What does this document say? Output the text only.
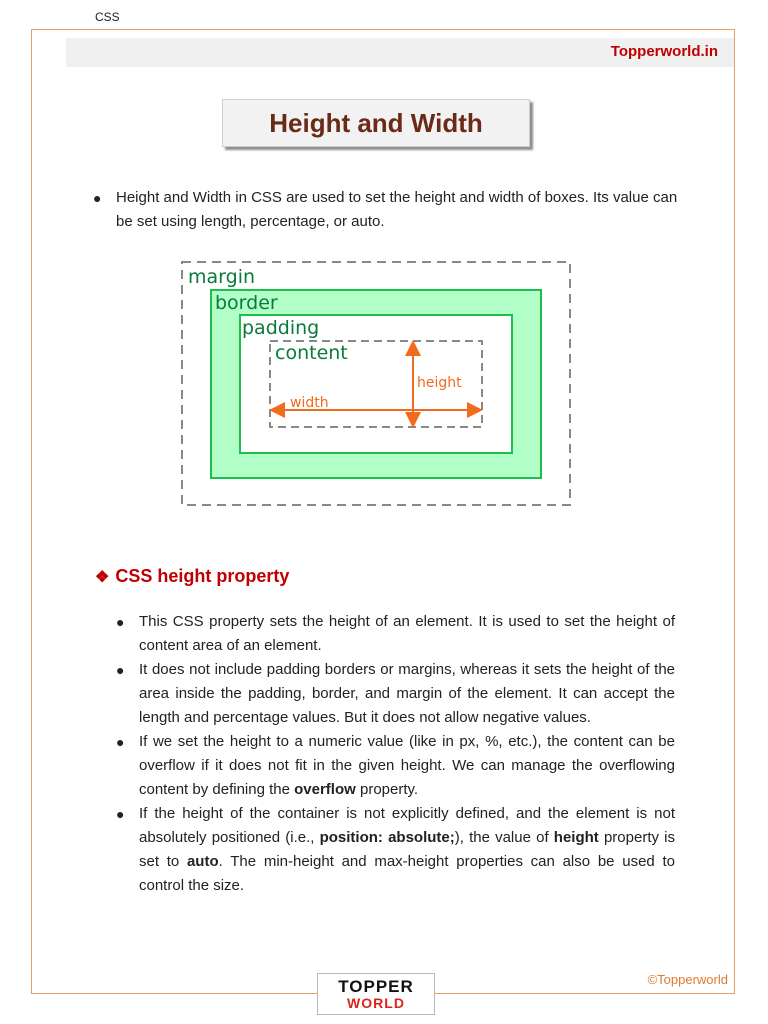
CSS
Topperworld.in
Height and Width
● Height and Width in CSS are used to set the height and width of boxes. Its value can be set using length, percentage, or auto.
margin
border
padding
content
height
width
❖ CSS height property
● This CSS property sets the height of an element. It is used to set the height of content area of an element.
● It does not include padding borders or margins, whereas it sets the height of the area inside the padding, border, and margin of the element. It can accept the length and percentage values. But it does not allow negative values.
● If we set the height to a numeric value (like in px, %, etc.), the content can be overflow if it does not fit in the given height. We can manage the overflowing content by defining the overflow property.
● If the height of the container is not explicitly defined, and the element is not absolutely positioned (i.e., position: absolute;), the value of height property is set to auto. The min-height and max-height properties can also be used to control the size.
©Topperworld
TOPPER
WORLD
